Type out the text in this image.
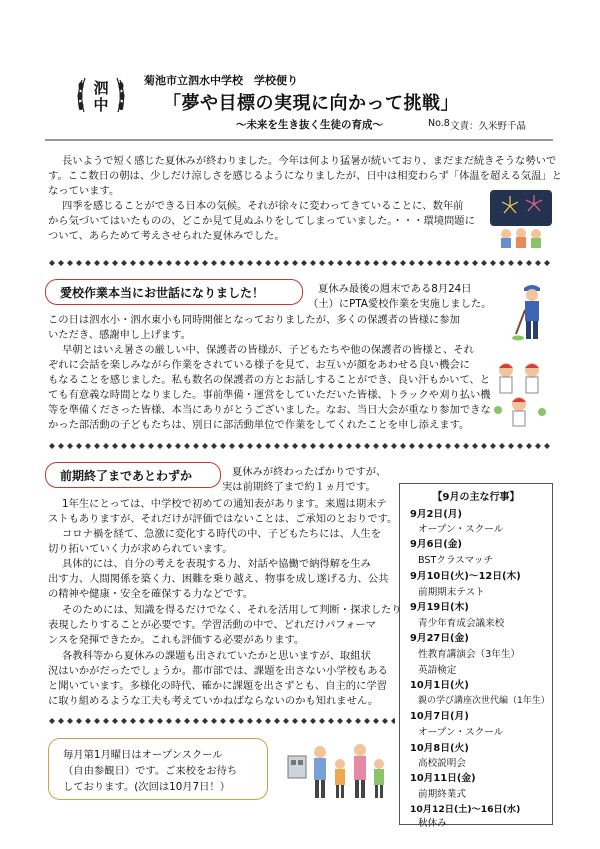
泗
中
菊池市立泗水中学校　学校便り
「夢や目標の実現に向かって挑戦」
～未来を生き抜く生徒の育成～	No.8 文責：久米野千晶
長いようで短く感じた夏休みが終わりました。今年は何より猛暑が続いており、まだまだ続きそうな勢いで
す。ここ数日の朝は、少しだけ涼しさを感じるようになりましたが、日中は相変わらず「体温を超える気温」と
なっています。
四季を感じることができる日本の気候。それが徐々に変わってきていることに、数年前
から気づいてはいたものの、どこか見て見ぬふりをしてしまっていました。・・・環境問題に
ついて、あらためて考えさせられた夏休みでした。
愛校作業本当にお世話になりました！	夏休み最後の週末である8月24日
（土）にPTA愛校作業を実施しました。
この日は泗水小・泗水東小も同時開催となっておりましたが、多くの保護者の皆様に参加
いただき、感謝申し上げます。
早朝とはいえ暑さの厳しい中、保護者の皆様が、子どもたちや他の保護者の皆様と、それ
ぞれに会話を楽しみながら作業をされている様子を見て、お互いが顔をあわせる良い機会に
もなることを感じました。私も数名の保護者の方とお話しすることができ、良い汗もかいて、と
ても有意義な時間となりました。事前準備・運営をしていただいた皆様、トラックや刈り払い機
等を準備くださった皆様、本当にありがとうございました。なお、当日大会が重なり参加できな
かった部活動の子どもたちは、別日に部活動単位で作業をしてくれたことを申し添えます。
前期終了まであとわずか	夏休みが終わったばかりですが、
実は前期終了まで約１ヵ月です。
1年生にとっては、中学校で初めての通知表があります。来週は期末テ
ストもありますが、それだけが評価ではないことは、ご承知のとおりです。
コロナ禍を経て、急激に変化する時代の中、子どもたちには、人生を
切り拓いていく力が求められています。
具体的には、自分の考えを表現する力、対話や協働で納得解を生み
出す力、人間関係を築く力、困難を乗り越え、物事を成し遂げる力、公共
の精神や健康・安全を確保する力などです。
そのためには、知識を得るだけでなく、それを活用して判断・探求したり
表現したりすることが必要です。学習活動の中で、どれだけパフォーマ
ンスを発揮できたか。これも評価する必要があります。
各教科等から夏休みの課題も出されていたかと思いますが、取組状
況はいかがだったでしょうか。都市部では、課題を出さない小学校もある
と聞いています。多様化の時代、確かに課題を出さずとも、自主的に学習
に取り組めるような工夫も考えていかねばならないのかも知れません。
【9月の主な行事】
9月2日(月)
オープン・スクール
9月6日(金)
BSTクラスマッチ
9月10日(火)～12日(木)
前期期末テスト
9月19日(木)
青少年育成会議来校
9月27日(金)
性教育講演会（3年生）
英語検定
10月1日(火)
親の学び講座次世代編（1年生）
10月7日(月)
オープン・スクール
10月8日(火)
高校説明会
10月11日(金)
前期終業式
10月12日(土)～16日(水)
秋休み
毎月第1月曜日はオープンスクール
（自由参観日）です。ご来校をお待ち
しております。(次回は10月7日！）
